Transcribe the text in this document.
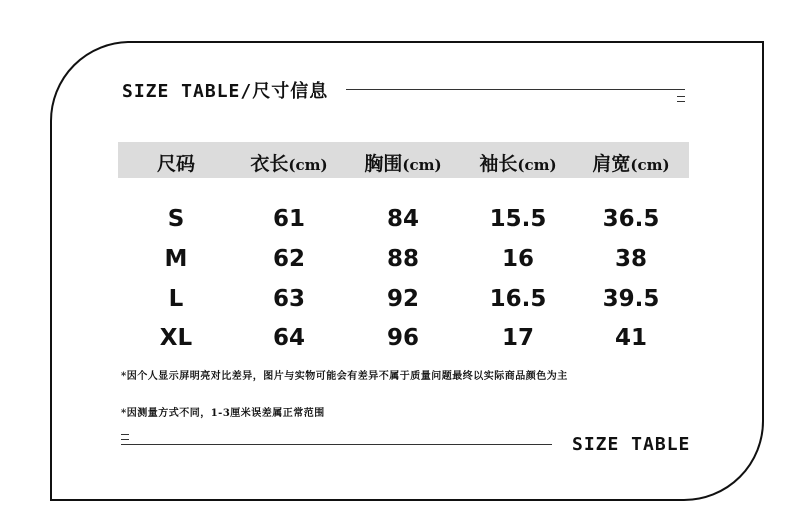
SIZE TABLE/尺寸信息
尺码	衣长(cm)	胸围(cm)	袖长(cm)	肩宽(cm)
S	61	84	15.5	36.5
M	62	88	16	38
L	63	92	16.5	39.5
XL	64	96	17	41
*因个人显示屏明亮对比差异，图片与实物可能会有差异不属于质量问题最终以实际商品颜色为主
*因测量方式不同，1-3厘米误差属正常范围
SIZE TABLE
